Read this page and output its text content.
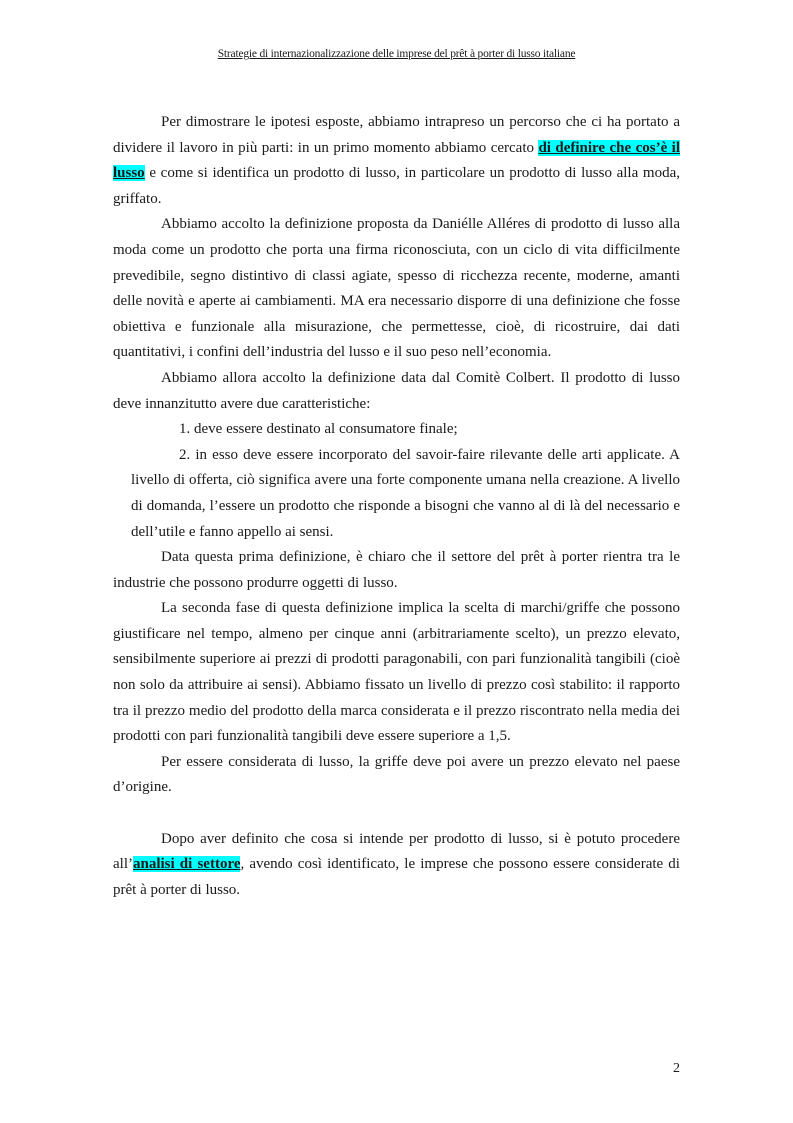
Strategie di internazionalizzazione delle imprese del prêt à porter di lusso italiane

Per dimostrare le ipotesi esposte, abbiamo intrapreso un percorso che ci ha portato a dividere il lavoro in più parti: in un primo momento abbiamo cercato di definire che cos’è il lusso e come si identifica un prodotto di lusso, in particolare un prodotto di lusso alla moda, griffato.

Abbiamo accolto la definizione proposta da Daniélle Alléres di prodotto di lusso alla moda come un prodotto che porta una firma riconosciuta, con un ciclo di vita difficilmente prevedibile, segno distintivo di classi agiate, spesso di ricchezza recente, moderne, amanti delle novità e aperte ai cambiamenti. MA era necessario disporre di una definizione che fosse obiettiva e funzionale alla misurazione, che permettesse, cioè, di ricostruire, dai dati quantitativi, i confini dell’industria del lusso e il suo peso nell’economia.

Abbiamo allora accolto la definizione data dal Comitè Colbert. Il prodotto di lusso deve innanzitutto avere due caratteristiche:

1. deve essere destinato al consumatore finale;

2. in esso deve essere incorporato del savoir-faire rilevante delle arti applicate. A livello di offerta, ciò significa avere una forte componente umana nella creazione. A livello di domanda, l’essere un prodotto che risponde a bisogni che vanno al di là del necessario e dell’utile e fanno appello ai sensi.

Data questa prima definizione, è chiaro che il settore del prêt à porter rientra tra le industrie che possono produrre oggetti di lusso.

La seconda fase di questa definizione implica la scelta di marchi/griffe che possono giustificare nel tempo, almeno per cinque anni (arbitrariamente scelto), un prezzo elevato, sensibilmente superiore ai prezzi di prodotti paragonabili, con pari funzionalità tangibili (cioè non solo da attribuire ai sensi). Abbiamo fissato un livello di prezzo così stabilito: il rapporto tra il prezzo medio del prodotto della marca considerata e il prezzo riscontrato nella media dei prodotti con pari funzionalità tangibili deve essere superiore a 1,5.

Per essere considerata di lusso, la griffe deve poi avere un prezzo elevato nel paese d’origine.

Dopo aver definito che cosa si intende per prodotto di lusso, si è potuto procedere all’analisi di settore, avendo così identificato, le imprese che possono essere considerate di prêt à porter di lusso.

2
